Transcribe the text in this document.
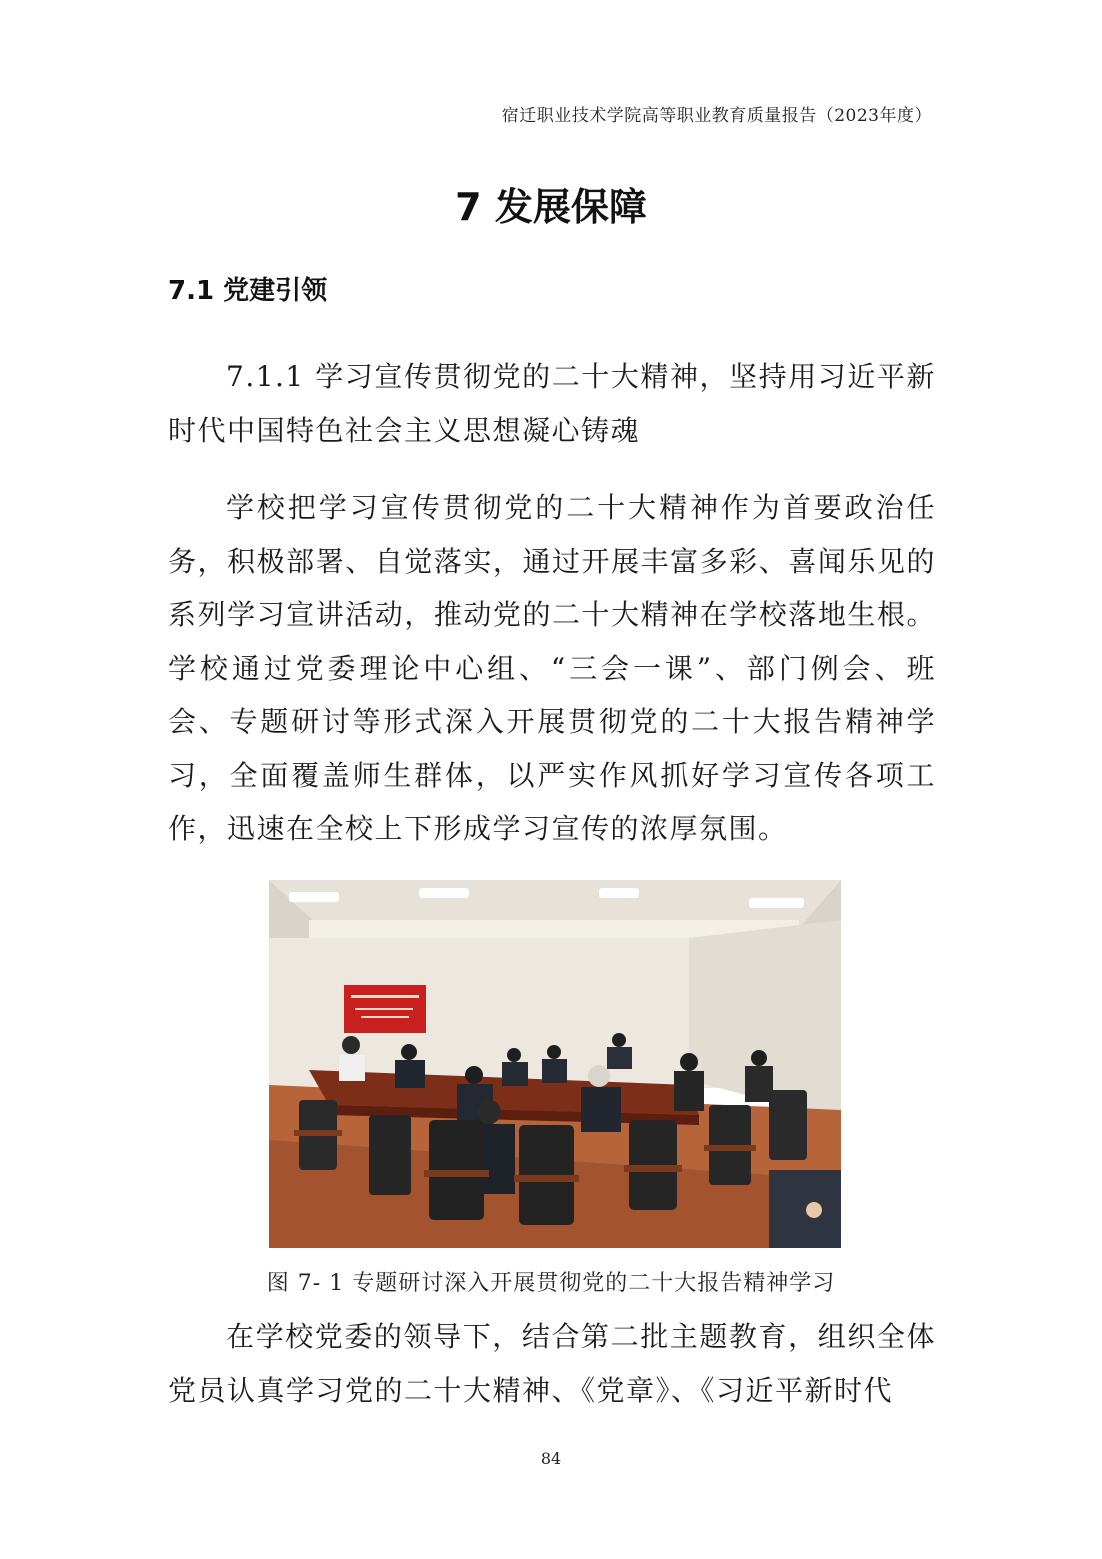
宿迁职业技术学院高等职业教育质量报告（2023年度）
7 发展保障
7.1 党建引领
7.1.1 学习宣传贯彻党的二十大精神，坚持用习近平新时代中国特色社会主义思想凝心铸魂

学校把学习宣传贯彻党的二十大精神作为首要政治任务，积极部署、自觉落实，通过开展丰富多彩、喜闻乐见的系列学习宣讲活动，推动党的二十大精神在学校落地生根。学校通过党委理论中心组、“三会一课”、部门例会、班会、专题研讨等形式深入开展贯彻党的二十大报告精神学习，全面覆盖师生群体，以严实作风抓好学习宣传各项工作，迅速在全校上下形成学习宣传的浓厚氛围。

图 7- 1 专题研讨深入开展贯彻党的二十大报告精神学习

在学校党委的领导下，结合第二批主题教育，组织全体党员认真学习党的二十大精神、《党章》、《习近平新时代

84
